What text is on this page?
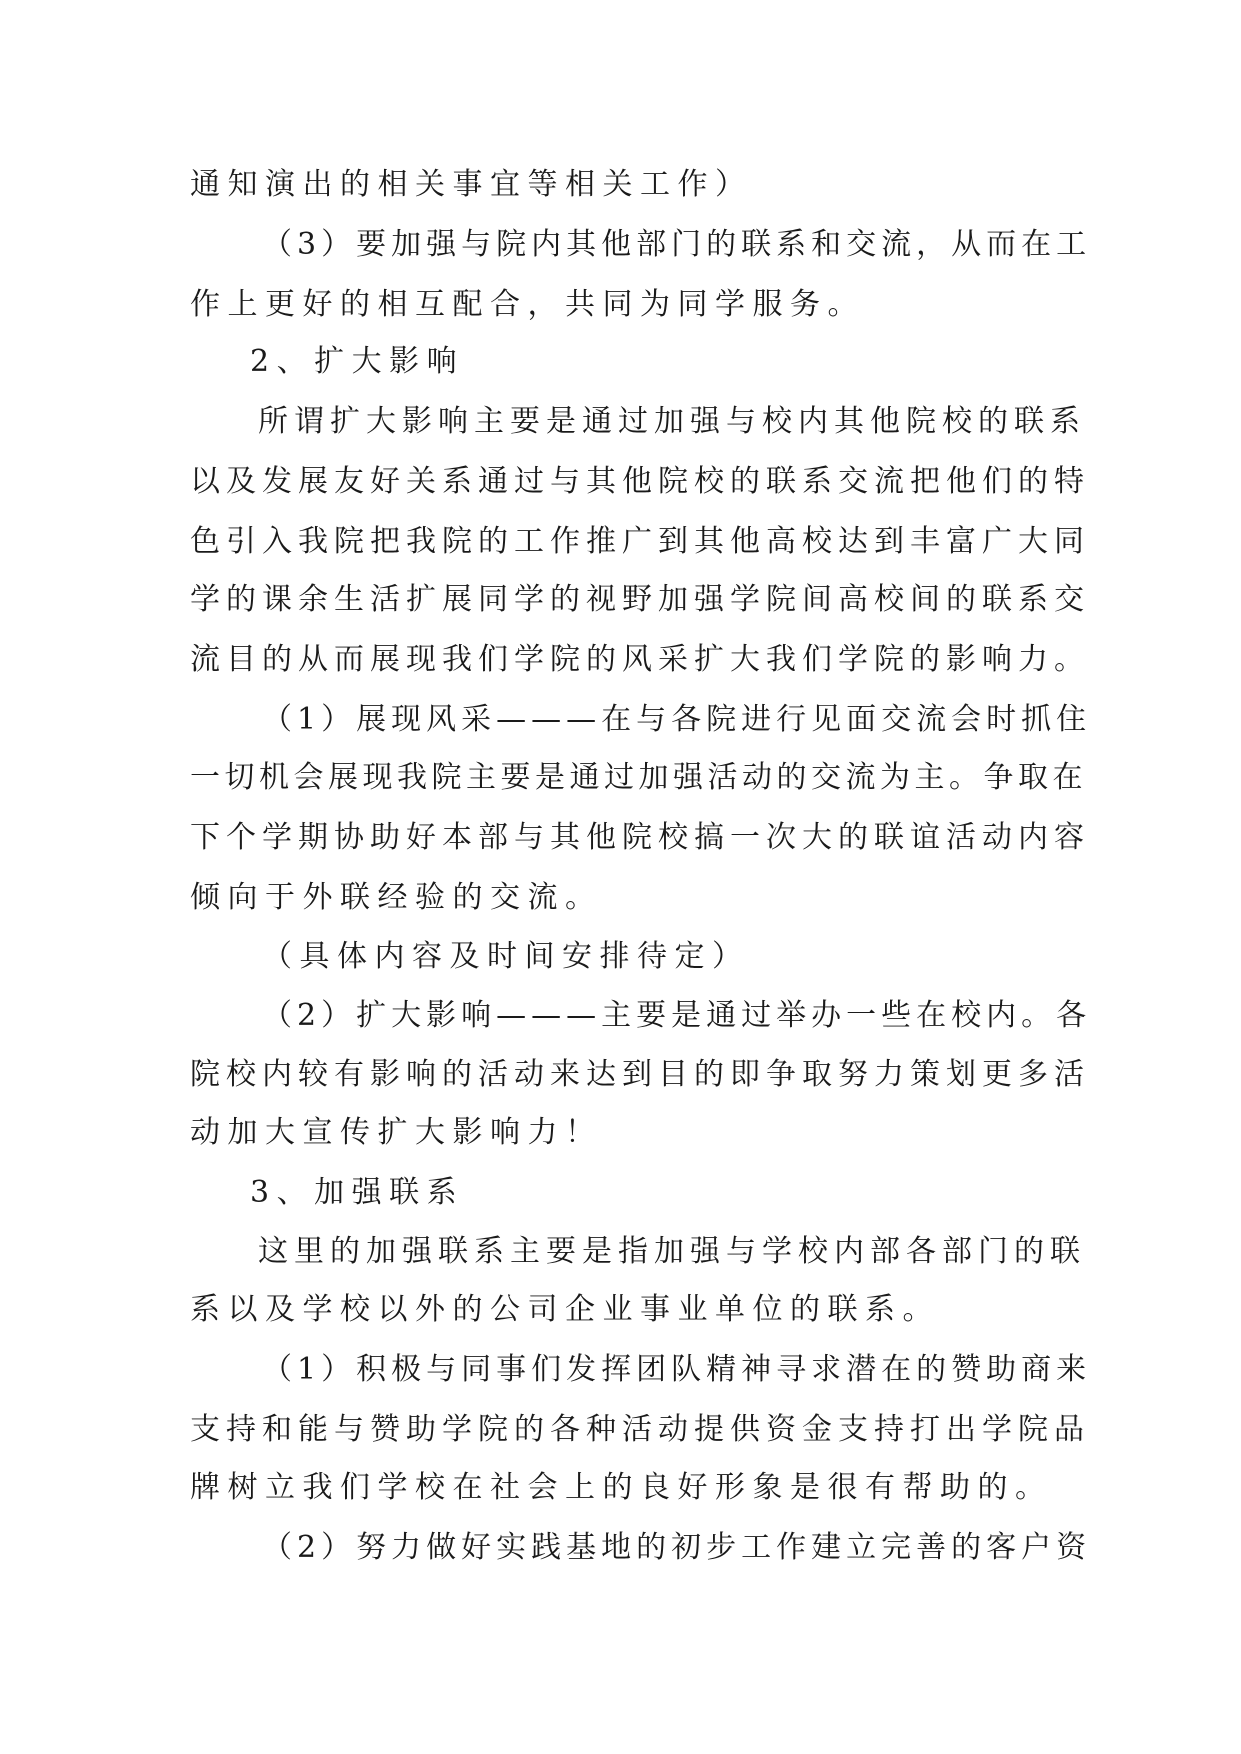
通知演出的相关事宜等相关工作）

（3）要加强与院内其他部门的联系和交流，从而在工

作上更好的相互配合，共同为同学服务。

2、扩大影响

所谓扩大影响主要是通过加强与校内其他院校的联系

以及发展友好关系通过与其他院校的联系交流把他们的特

色引入我院把我院的工作推广到其他高校达到丰富广大同

学的课余生活扩展同学的视野加强学院间高校间的联系交

流目的从而展现我们学院的风采扩大我们学院的影响力。

（1）展现风采———在与各院进行见面交流会时抓住

一切机会展现我院主要是通过加强活动的交流为主。争取在

下个学期协助好本部与其他院校搞一次大的联谊活动内容

倾向于外联经验的交流。

（具体内容及时间安排待定）

（2）扩大影响———主要是通过举办一些在校内。各

院校内较有影响的活动来达到目的即争取努力策划更多活

动加大宣传扩大影响力！

3、加强联系

这里的加强联系主要是指加强与学校内部各部门的联

系以及学校以外的公司企业事业单位的联系。

（1）积极与同事们发挥团队精神寻求潜在的赞助商来

支持和能与赞助学院的各种活动提供资金支持打出学院品

牌树立我们学校在社会上的良好形象是很有帮助的。

（2）努力做好实践基地的初步工作建立完善的客户资
